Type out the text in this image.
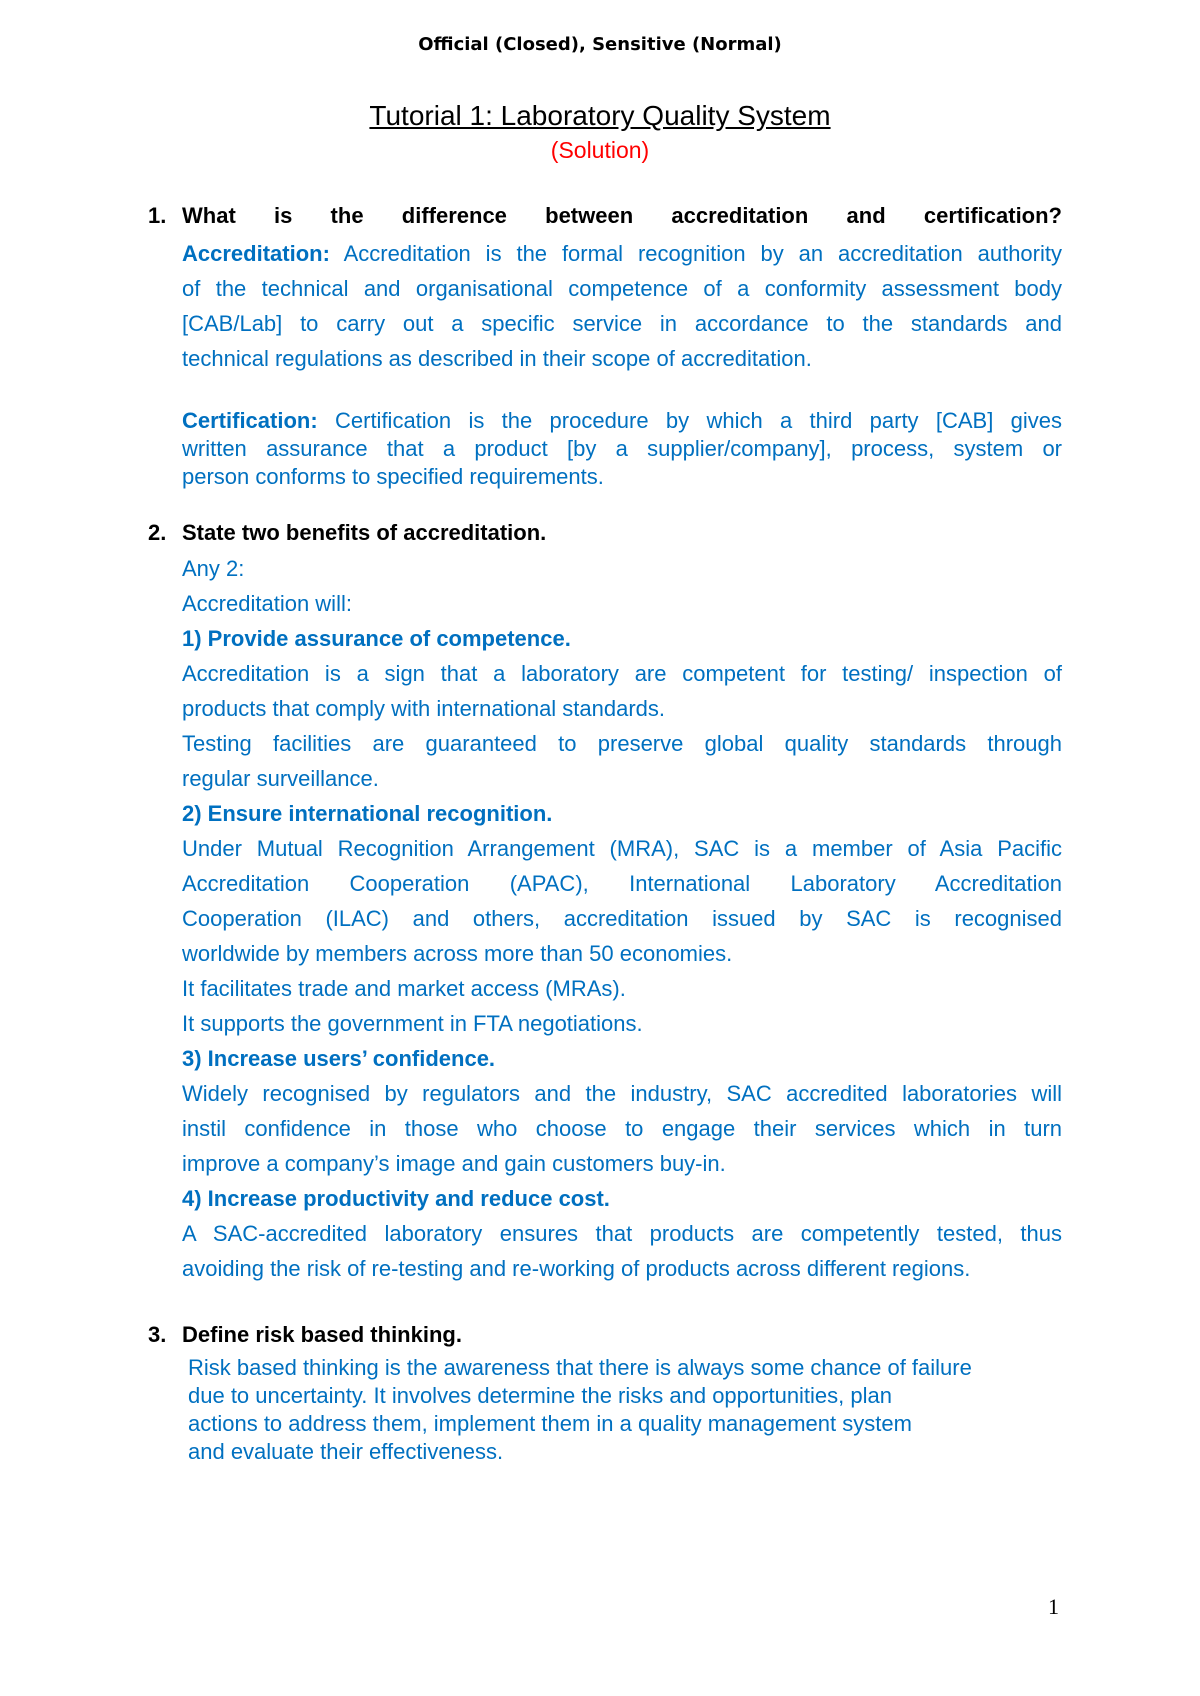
Official (Closed), Sensitive (Normal)
Tutorial 1: Laboratory Quality System
(Solution)
1. What is the difference between accreditation and certification?
Accreditation: Accreditation is the formal recognition by an accreditation authority
of the technical and organisational competence of a conformity assessment body
[CAB/Lab] to carry out a specific service in accordance to the standards and
technical regulations as described in their scope of accreditation.
Certification: Certification is the procedure by which a third party [CAB] gives
written assurance that a product [by a supplier/company], process, system or
person conforms to specified requirements.
2. State two benefits of accreditation.
Any 2:
Accreditation will:
1) Provide assurance of competence.
Accreditation is a sign that a laboratory are competent for testing/ inspection of
products that comply with international standards.
Testing facilities are guaranteed to preserve global quality standards through
regular surveillance.
2) Ensure international recognition.
Under Mutual Recognition Arrangement (MRA), SAC is a member of Asia Pacific
Accreditation Cooperation (APAC), International Laboratory Accreditation
Cooperation (ILAC) and others, accreditation issued by SAC is recognised
worldwide by members across more than 50 economies.
It facilitates trade and market access (MRAs).
It supports the government in FTA negotiations.
3) Increase users’ confidence.
Widely recognised by regulators and the industry, SAC accredited laboratories will
instil confidence in those who choose to engage their services which in turn
improve a company’s image and gain customers buy-in.
4) Increase productivity and reduce cost.
A SAC-accredited laboratory ensures that products are competently tested, thus
avoiding the risk of re-testing and re-working of products across different regions.
3. Define risk based thinking.
Risk based thinking is the awareness that there is always some chance of failure
due to uncertainty. It involves determine the risks and opportunities, plan
actions to address them, implement them in a quality management system
and evaluate their effectiveness.
1
